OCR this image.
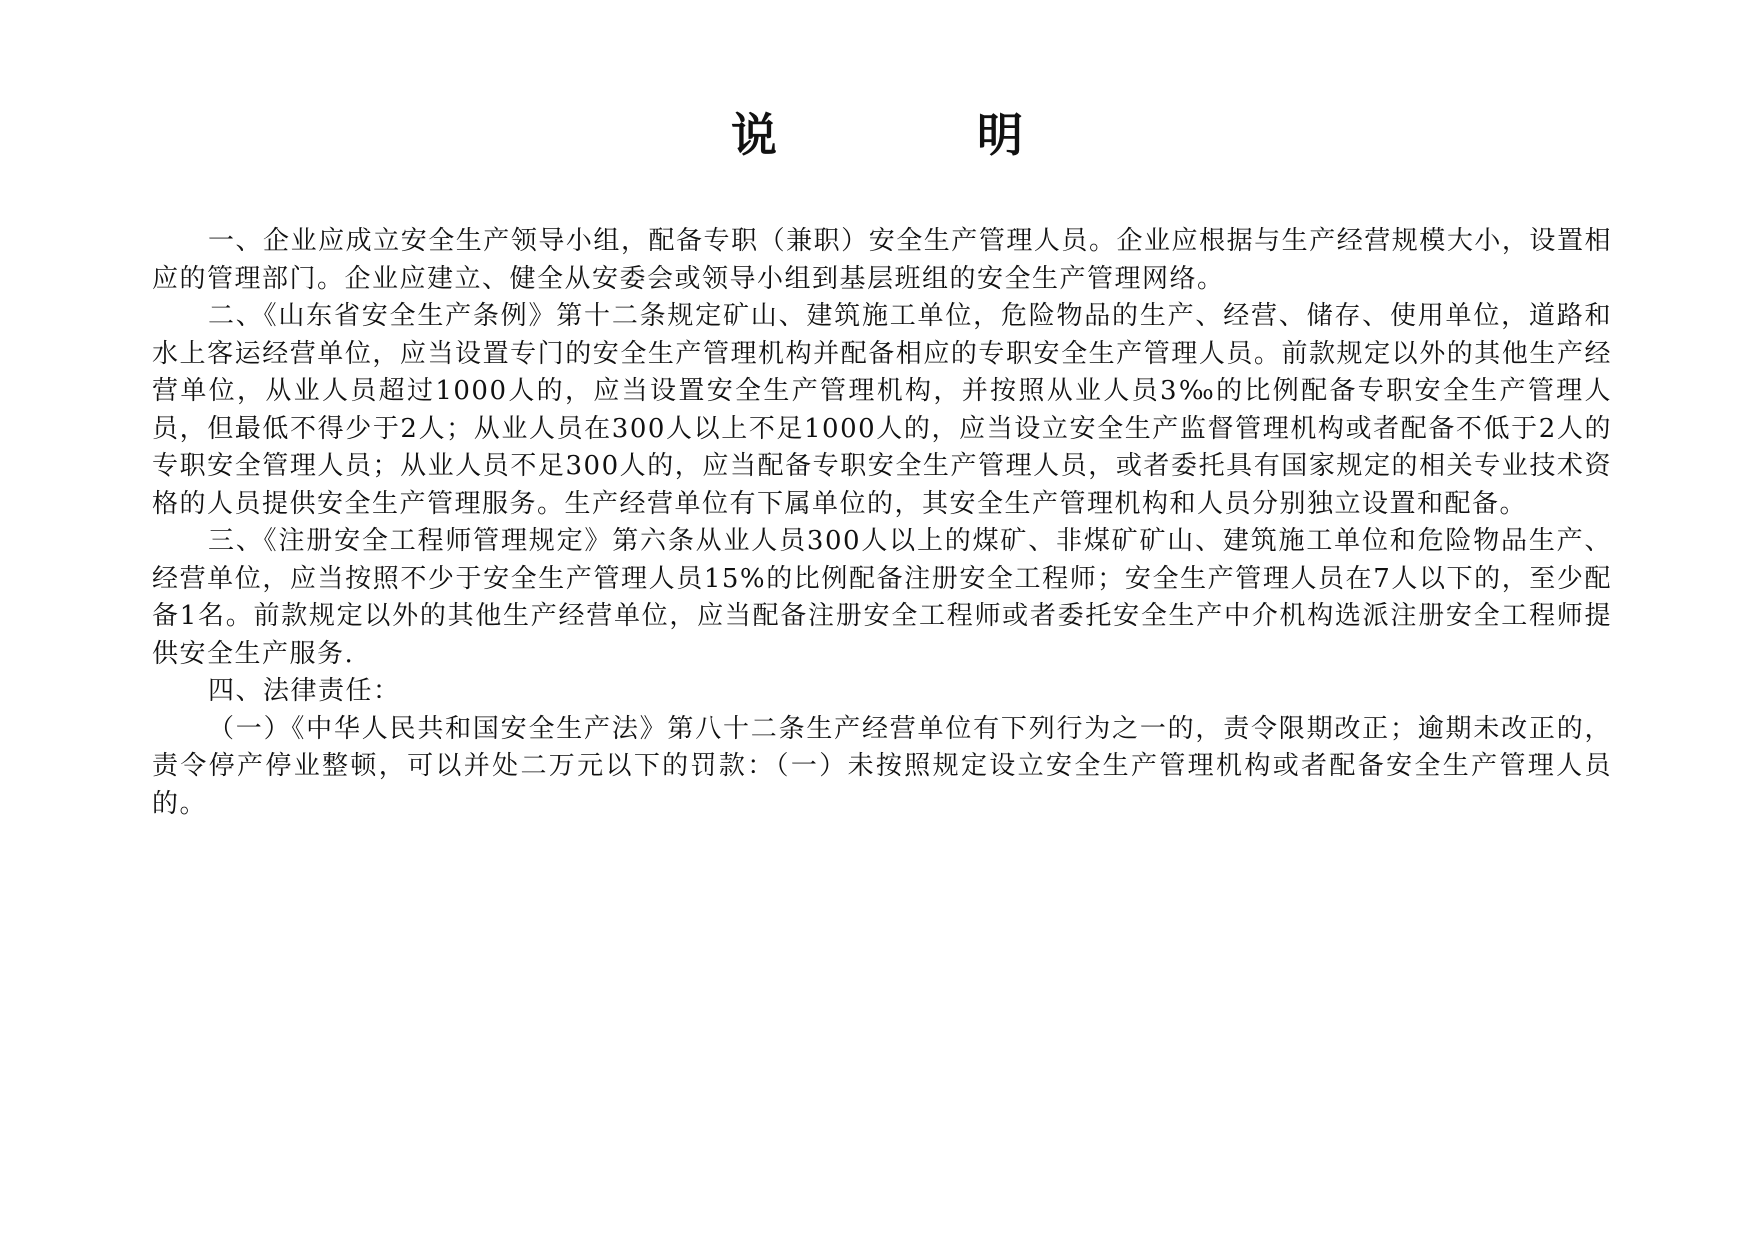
说 明

一、企业应成立安全生产领导小组，配备专职（兼职）安全生产管理人员。企业应根据与生产经营规模大小，设置相应的管理部门。企业应建立、健全从安委会或领导小组到基层班组的安全生产管理网络。

二、《山东省安全生产条例》第十二条规定矿山、建筑施工单位，危险物品的生产、经营、储存、使用单位，道路和水上客运经营单位，应当设置专门的安全生产管理机构并配备相应的专职安全生产管理人员。前款规定以外的其他生产经营单位，从业人员超过1000人的，应当设置安全生产管理机构，并按照从业人员3‰的比例配备专职安全生产管理人员，但最低不得少于2人；从业人员在300人以上不足1000人的，应当设立安全生产监督管理机构或者配备不低于2人的专职安全管理人员；从业人员不足300人的，应当配备专职安全生产管理人员，或者委托具有国家规定的相关专业技术资格的人员提供安全生产管理服务。生产经营单位有下属单位的，其安全生产管理机构和人员分别独立设置和配备。

三、《注册安全工程师管理规定》第六条从业人员300人以上的煤矿、非煤矿矿山、建筑施工单位和危险物品生产、经营单位，应当按照不少于安全生产管理人员15%的比例配备注册安全工程师；安全生产管理人员在7人以下的，至少配备1名。前款规定以外的其他生产经营单位，应当配备注册安全工程师或者委托安全生产中介机构选派注册安全工程师提供安全生产服务.

四、法律责任：

（一）《中华人民共和国安全生产法》第八十二条生产经营单位有下列行为之一的，责令限期改正；逾期未改正的，责令停产停业整顿，可以并处二万元以下的罚款：（一）未按照规定设立安全生产管理机构或者配备安全生产管理人员的。
